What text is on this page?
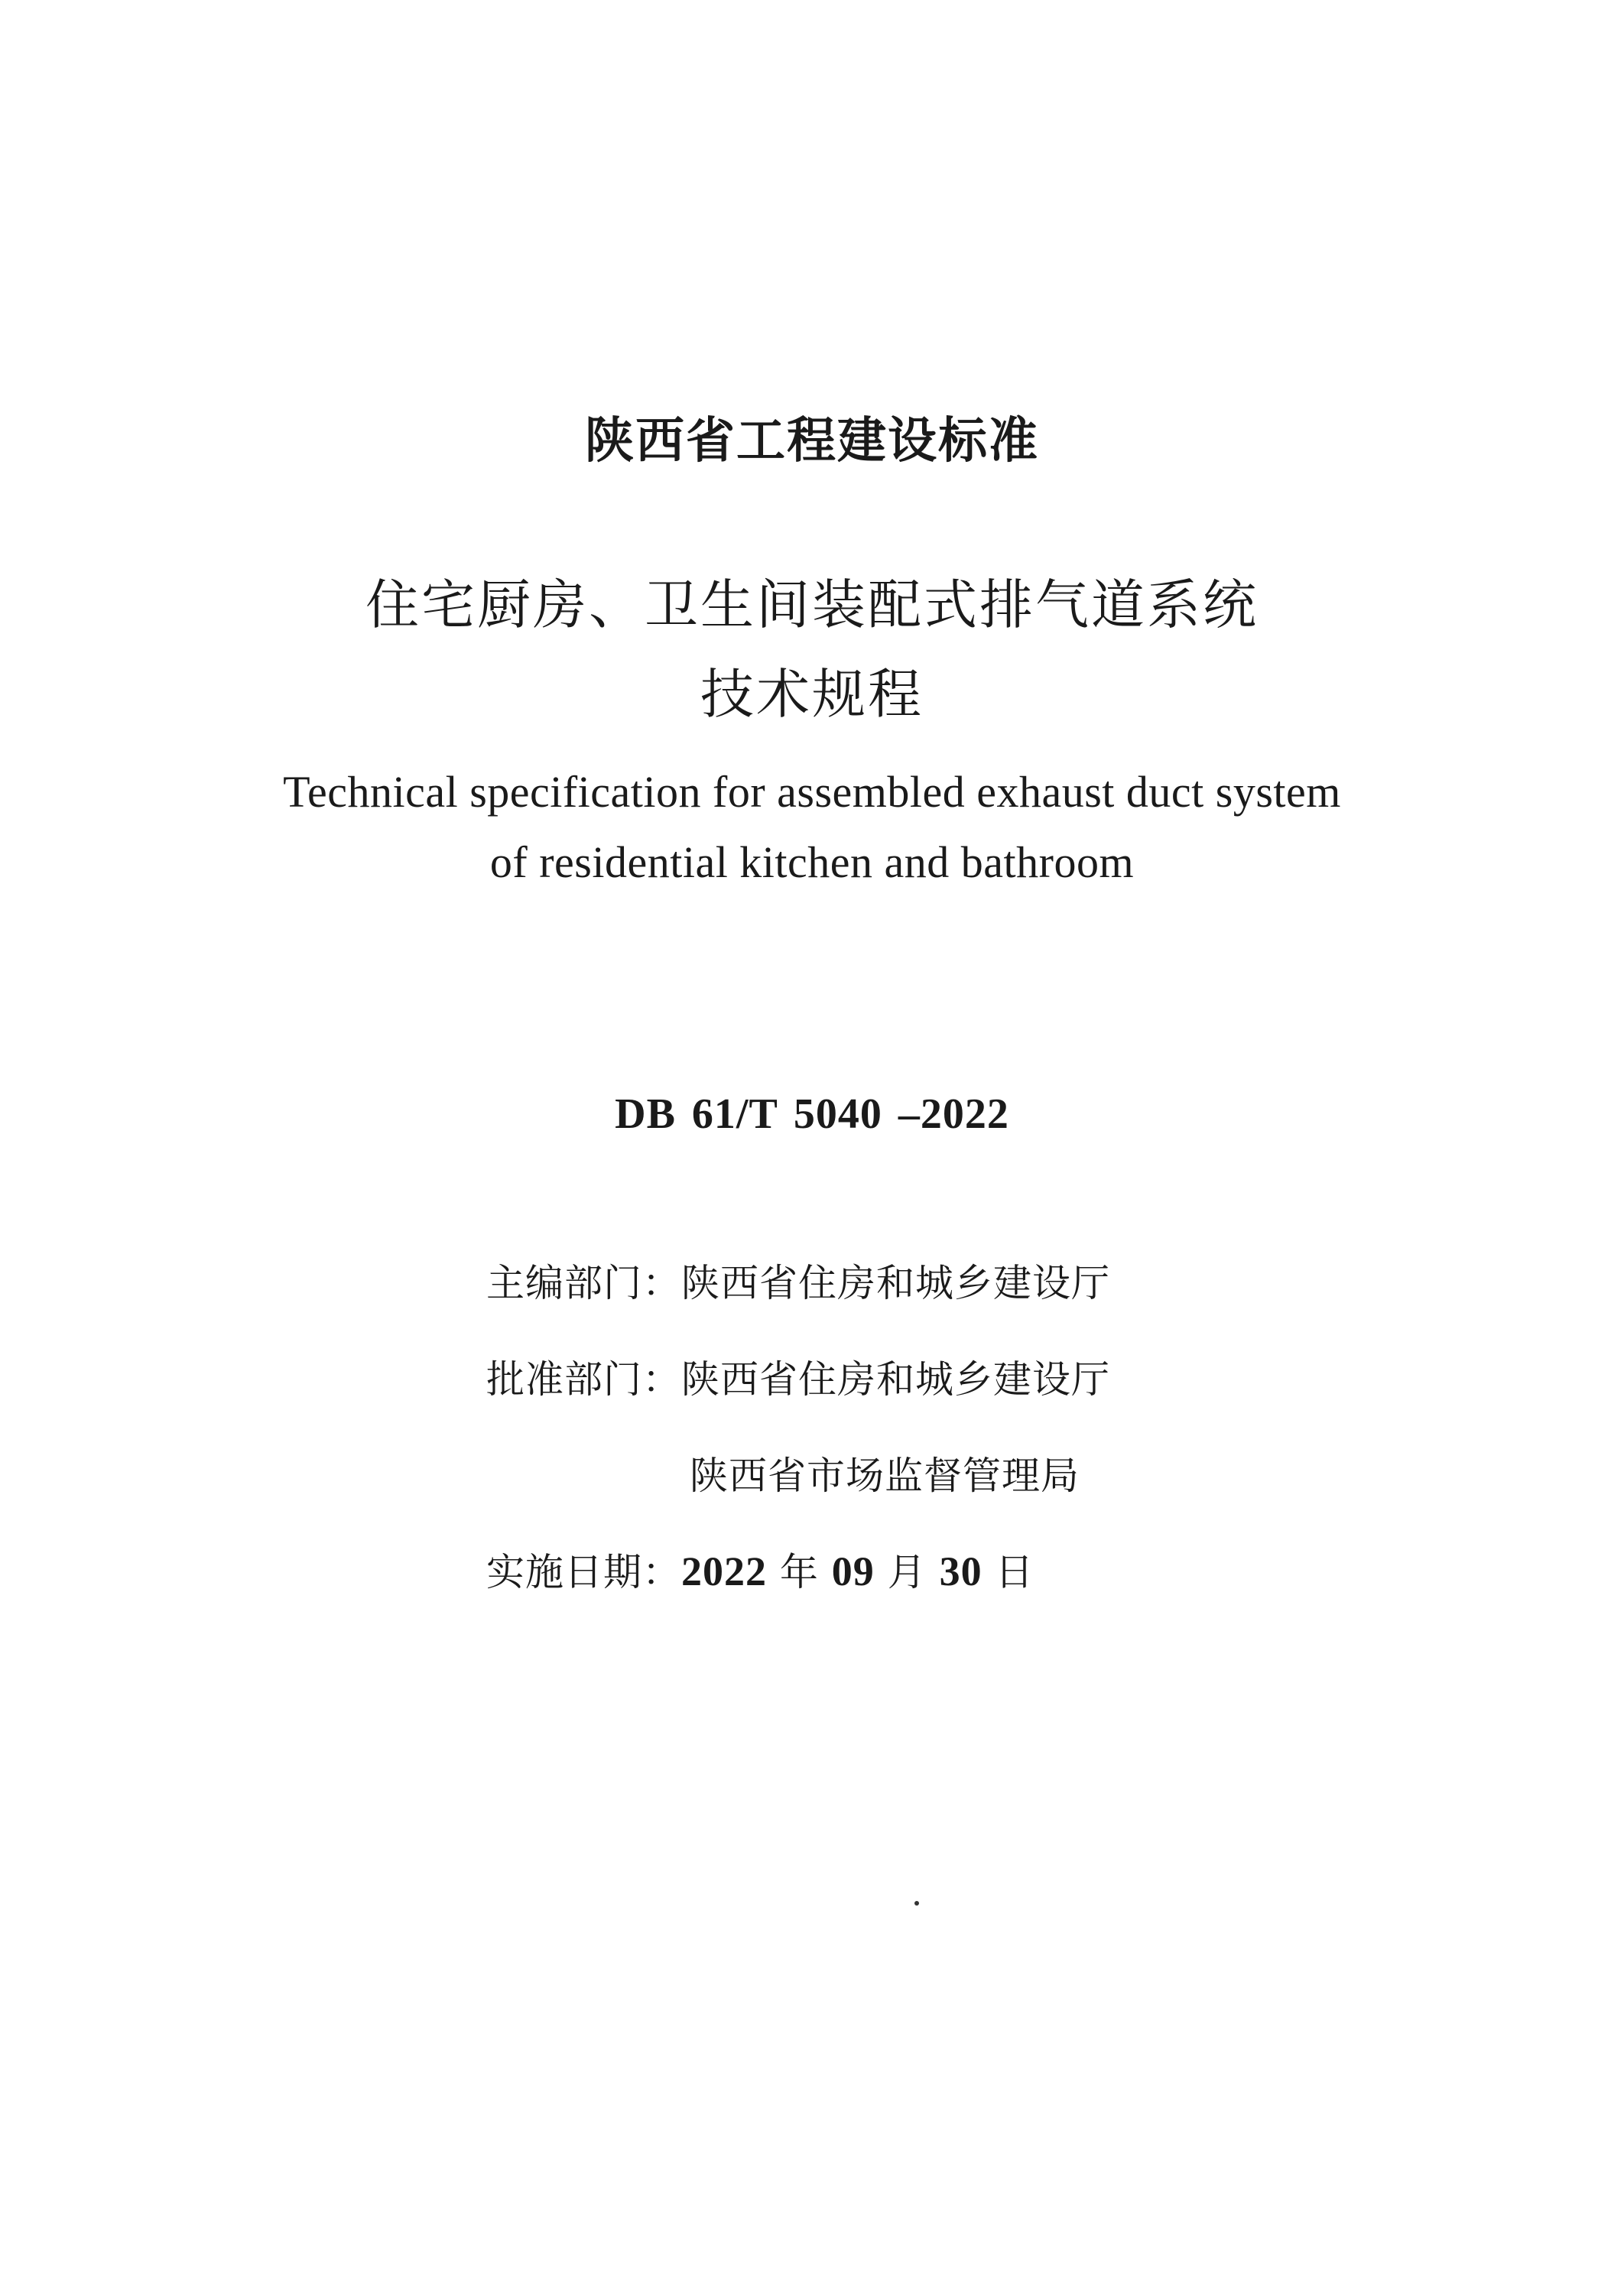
陕西省工程建设标准
住宅厨房、卫生间装配式排气道系统
技术规程
Technical specification for assembled exhaust duct system
of residential kitchen and bathroom
DB 61/T 5040 –2022
主编部门：陕西省住房和城乡建设厅
批准部门：陕西省住房和城乡建设厅
陕西省市场监督管理局
实施日期：2022 年 09 月 30 日
